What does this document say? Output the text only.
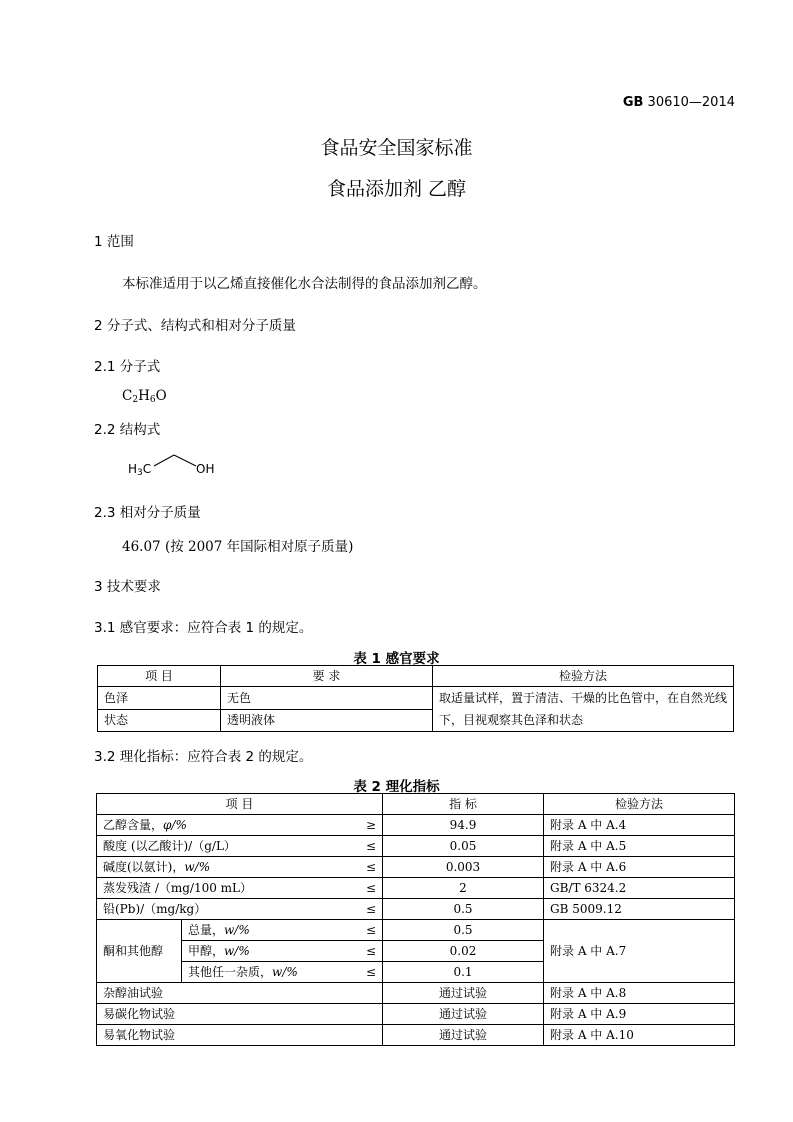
GB 30610—2014
食品安全国家标准
食品添加剂 乙醇
1 范围
本标准适用于以乙烯直接催化水合法制得的食品添加剂乙醇。
2 分子式、结构式和相对分子质量
2.1 分子式
$C_2H_6O$
2.2 结构式
$H_3C$	OH
2.3 相对分子质量
46.07 (按 2007 年国际相对原子质量)
3 技术要求
3.1 感官要求：应符合表 1 的规定。
表 1 感官要求
项 目	要 求	检验方法
色泽	无色	取适量试样，置于清洁、干燥的比色管中，在自然光线下，目视观察其色泽和状态
状态	透明液体	
3.2 理化指标：应符合表 2 的规定。
表 2 理化指标
项 目			指 标	检验方法
乙醇含量，φ/%		≥	94.9	附录 A 中 A.4
酸度 (以乙酸计)/（g/L）		≤	0.05	附录 A 中 A.5
碱度(以氨计)，w/%		≤	0.003	附录 A 中 A.6
蒸发残渣 /（mg/100 mL）		≤	2	GB/T 6324.2
铅(Pb)/（mg/kg）		≤	0.5	GB 5009.12
酮和其他醇	总量，w/%	≤	0.5	附录 A 中 A.7
	甲醇，w/%	≤	0.02	
	其他任一杂质，w/%	≤	0.1	
杂醇油试验			通过试验	附录 A 中 A.8
易碳化物试验			通过试验	附录 A 中 A.9
易氧化物试验			通过试验	附录 A 中 A.10
